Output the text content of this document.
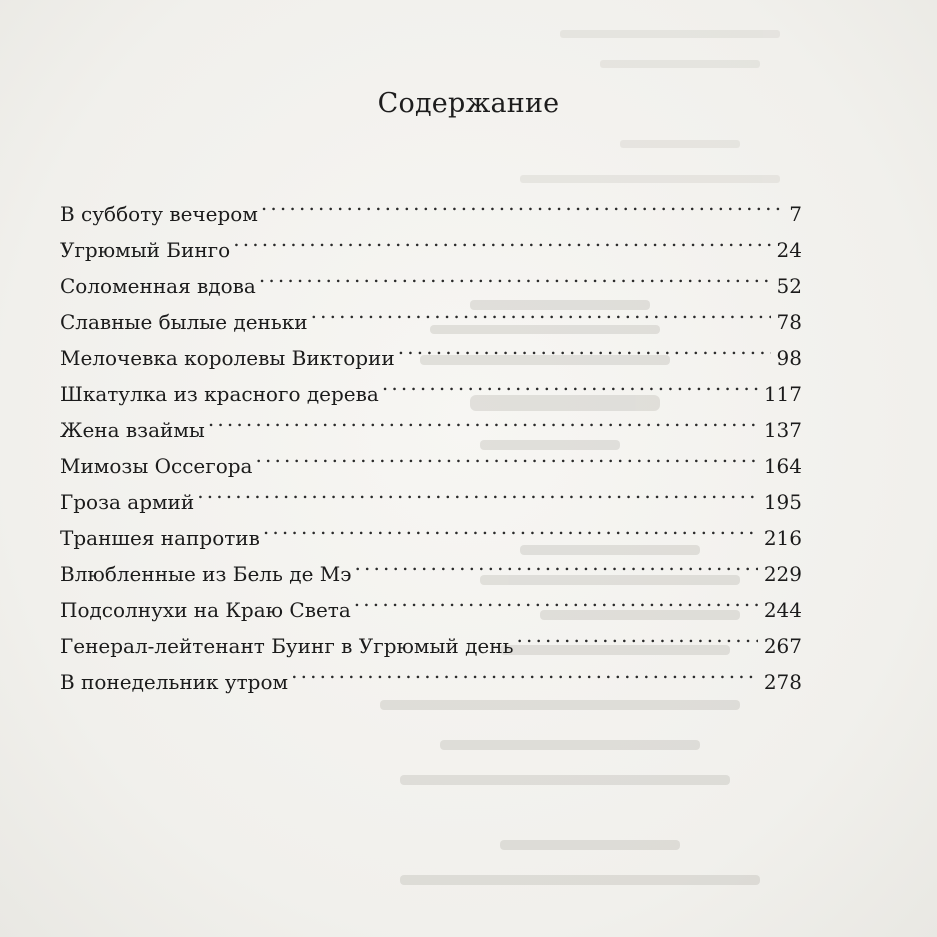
Содержание
В субботу вечером . . .	7
Угрюмый Бинго . . .	24
Соломенная вдова . . .	52
Славные былые деньки . . .	78
Мелочевка королевы Виктории . . .	98
Шкатулка из красного дерева . . .	117
Жена взаймы . . .	137
Мимозы Оссегора . . .	164
Гроза армий . . .	195
Траншея напротив . . .	216
Влюбленные из Бель де Мэ . . .	229
Подсолнухи на Краю Света . . .	244
Генерал-лейтенант Буинг в Угрюмый день . . .	267
В понедельник утром . . .	278
